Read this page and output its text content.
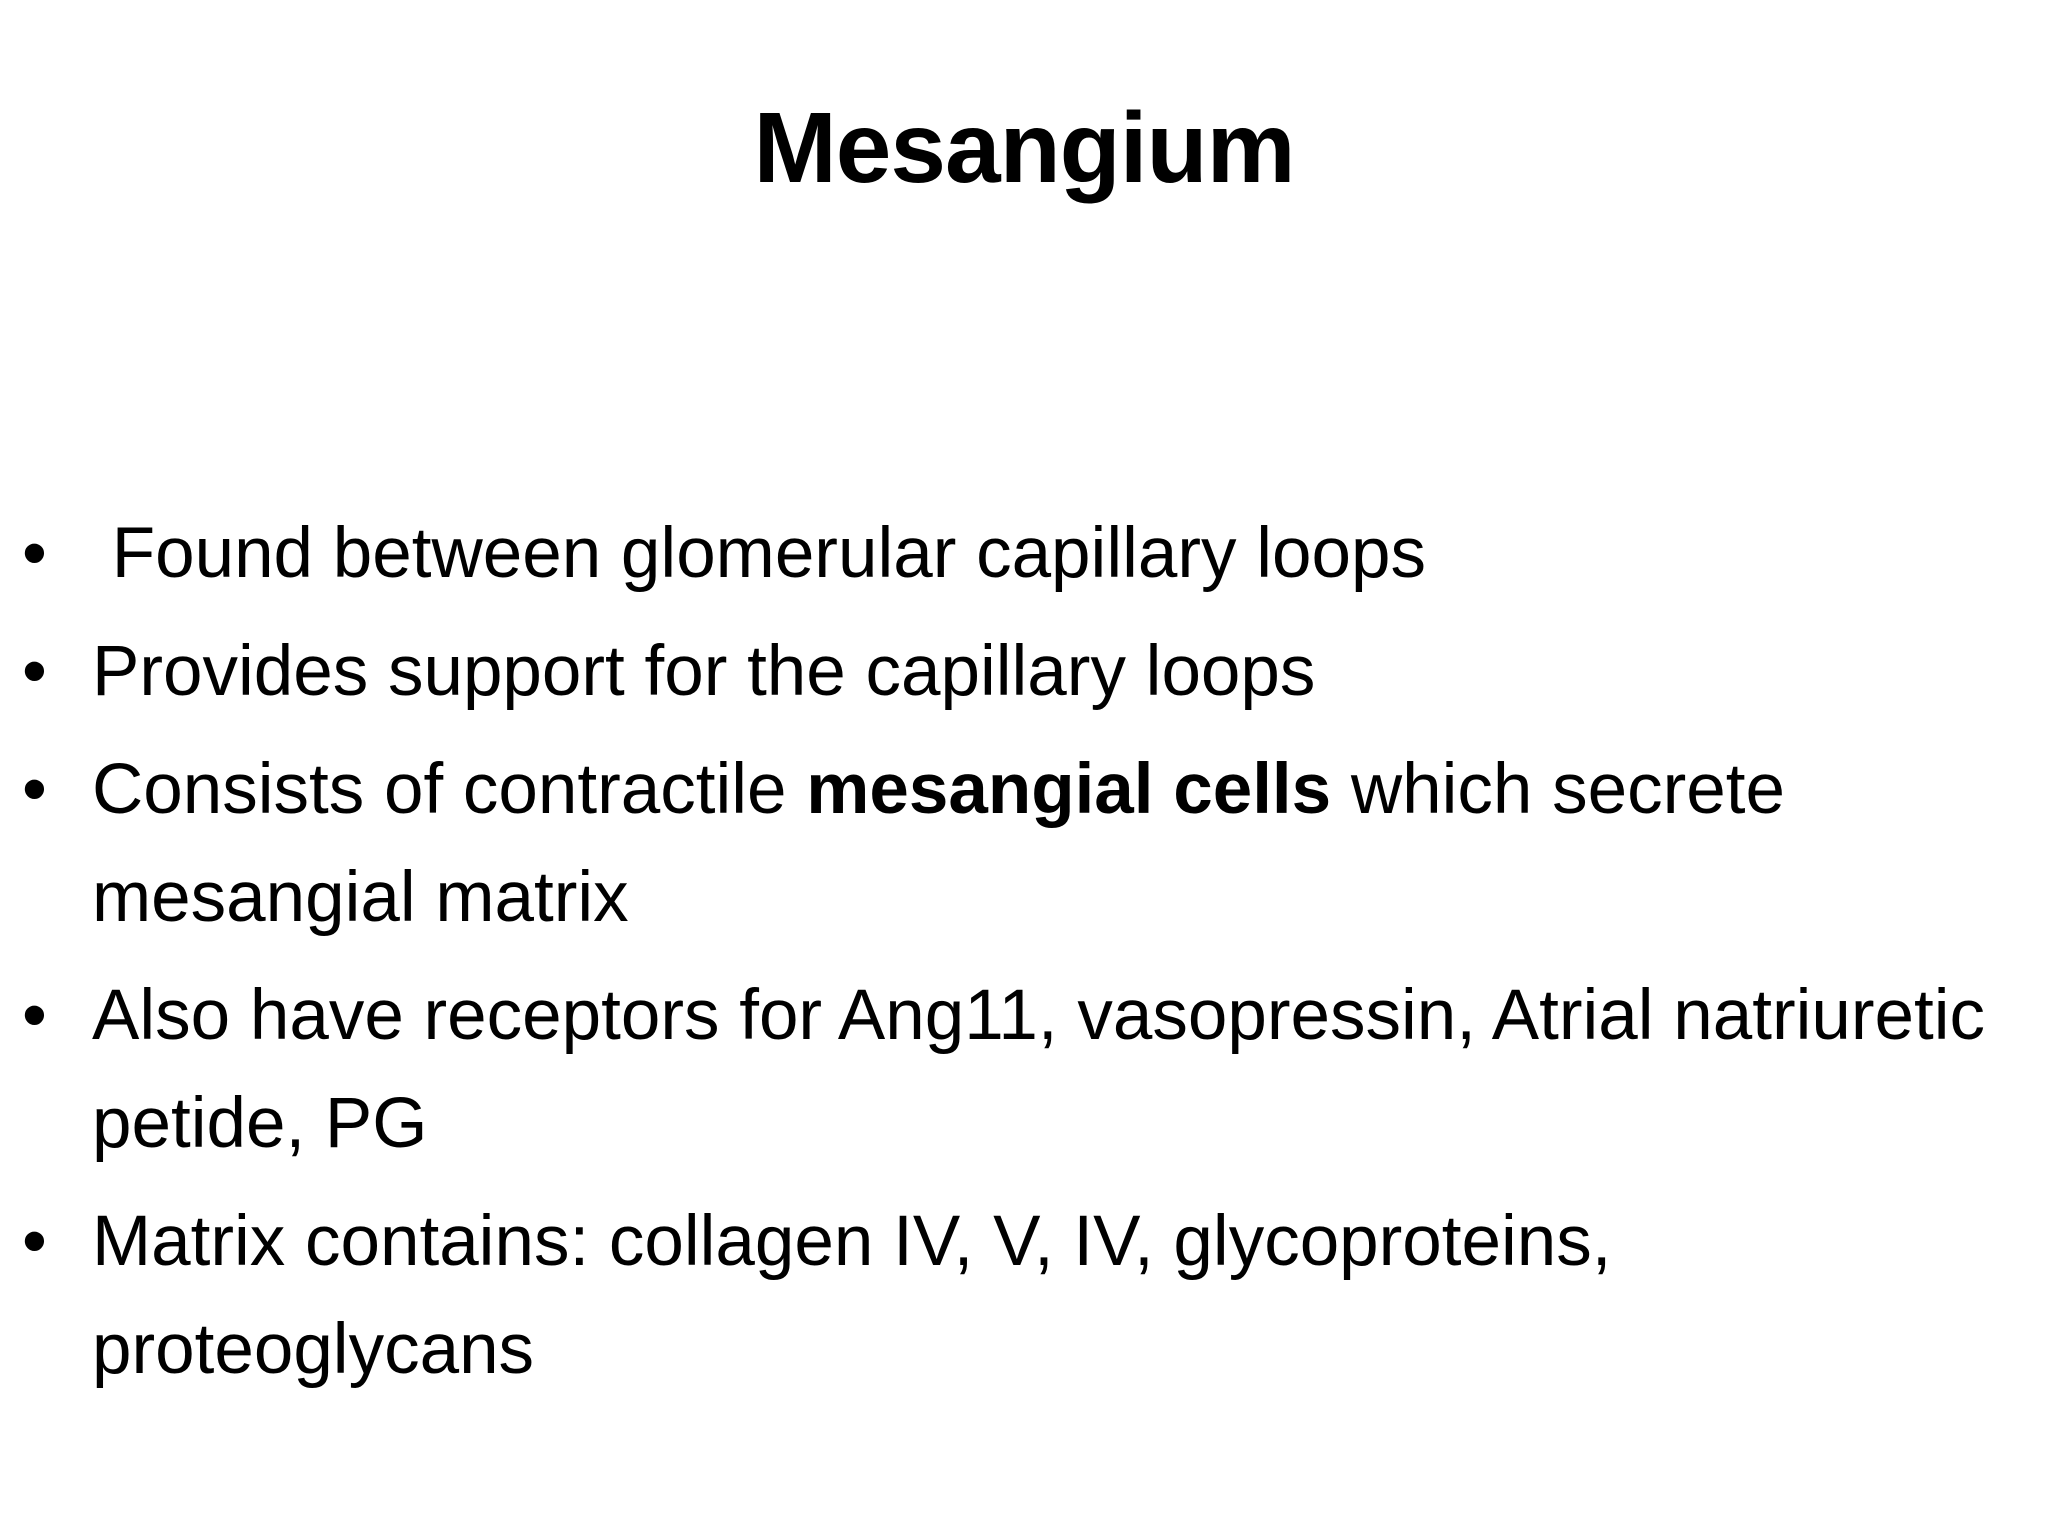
Mesangium
• Found between glomerular capillary loops
• Provides support for the capillary loops
• Consists of contractile mesangial cells which secrete mesangial matrix
• Also have receptors for Ang11, vasopressin, Atrial natriuretic petide, PG
• Matrix contains: collagen IV, V, IV, glycoproteins, proteoglycans
